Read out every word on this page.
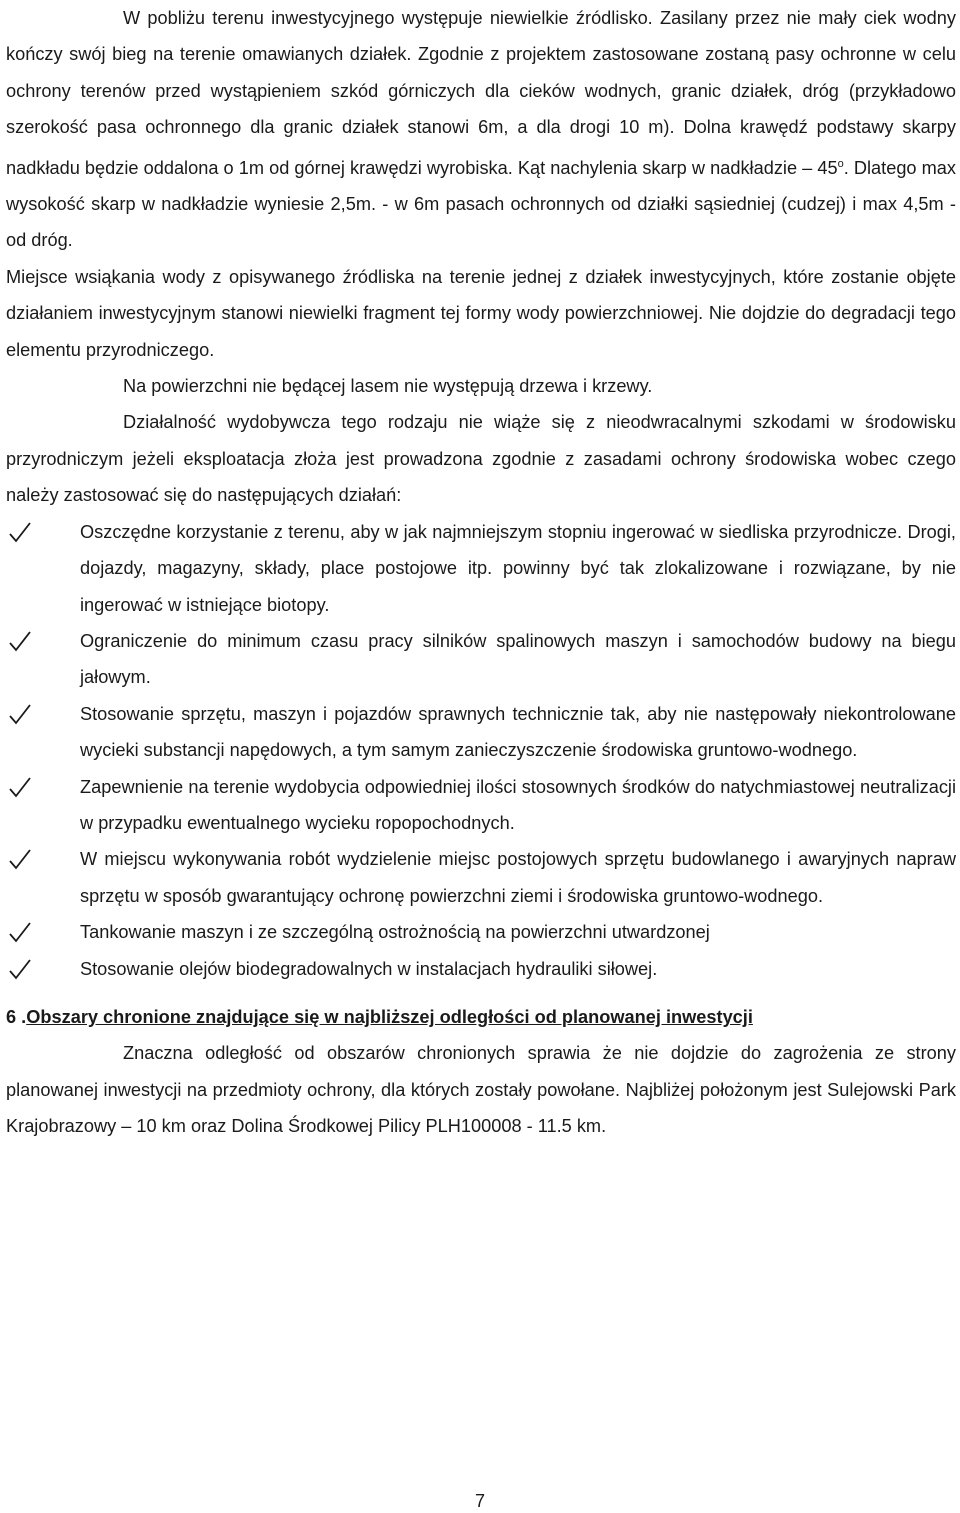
W pobliżu terenu inwestycyjnego występuje niewielkie źródlisko. Zasilany przez nie mały ciek wodny kończy swój bieg na terenie omawianych działek. Zgodnie z projektem zastosowane zostaną pasy ochronne w celu ochrony terenów przed wystąpieniem szkód górniczych dla cieków wodnych, granic działek, dróg (przykładowo szerokość pasa ochronnego dla granic działek stanowi 6m, a dla drogi 10 m). Dolna krawędź podstawy skarpy nadkładu będzie oddalona o 1m od górnej krawędzi wyrobiska. Kąt nachylenia skarp w nadkładzie – 45$^o$. Dlatego max wysokość skarp w nadkładzie wyniesie 2,5m. - w 6m pasach ochronnych od działki sąsiedniej (cudzej) i max 4,5m - od dróg.

Miejsce wsiąkania wody z opisywanego źródliska na terenie jednej z działek inwestycyjnych, które zostanie objęte działaniem inwestycyjnym stanowi niewielki fragment tej formy wody powierzchniowej. Nie dojdzie do degradacji tego elementu przyrodniczego.

Na powierzchni nie będącej lasem nie występują drzewa i krzewy.

Działalność wydobywcza tego rodzaju nie wiąże się z nieodwracalnymi szkodami w środowisku przyrodniczym jeżeli eksploatacja złoża jest prowadzona zgodnie z zasadami ochrony środowiska wobec czego należy zastosować się do następujących działań:

Oszczędne korzystanie z terenu, aby w jak najmniejszym stopniu ingerować w siedliska przyrodnicze. Drogi, dojazdy, magazyny, składy, place postojowe itp. powinny być tak zlokalizowane i rozwiązane, by nie ingerować w istniejące biotopy.
Ograniczenie do minimum czasu pracy silników spalinowych maszyn i samochodów budowy na biegu jałowym.
Stosowanie sprzętu, maszyn i pojazdów sprawnych technicznie tak, aby nie następowały niekontrolowane wycieki substancji napędowych, a tym samym zanieczyszczenie środowiska gruntowo-wodnego.
Zapewnienie na terenie wydobycia odpowiedniej ilości stosownych środków do natychmiastowej neutralizacji w przypadku ewentualnego wycieku ropopochodnych.
W miejscu wykonywania robót wydzielenie miejsc postojowych sprzętu budowlanego i awaryjnych napraw sprzętu w sposób gwarantujący ochronę powierzchni ziemi i środowiska gruntowo-wodnego.
Tankowanie maszyn i ze szczególną ostrożnością na powierzchni utwardzonej
Stosowanie olejów biodegradowalnych w instalacjach hydrauliki siłowej.

6 .Obszary chronione znajdujące się w najbliższej odległości od planowanej inwestycji

Znaczna odległość od obszarów chronionych sprawia że nie dojdzie do zagrożenia ze strony planowanej inwestycji na przedmioty ochrony, dla których zostały powołane. Najbliżej położonym jest Sulejowski Park Krajobrazowy – 10 km oraz Dolina Środkowej Pilicy PLH100008 - 11.5 km.

7
